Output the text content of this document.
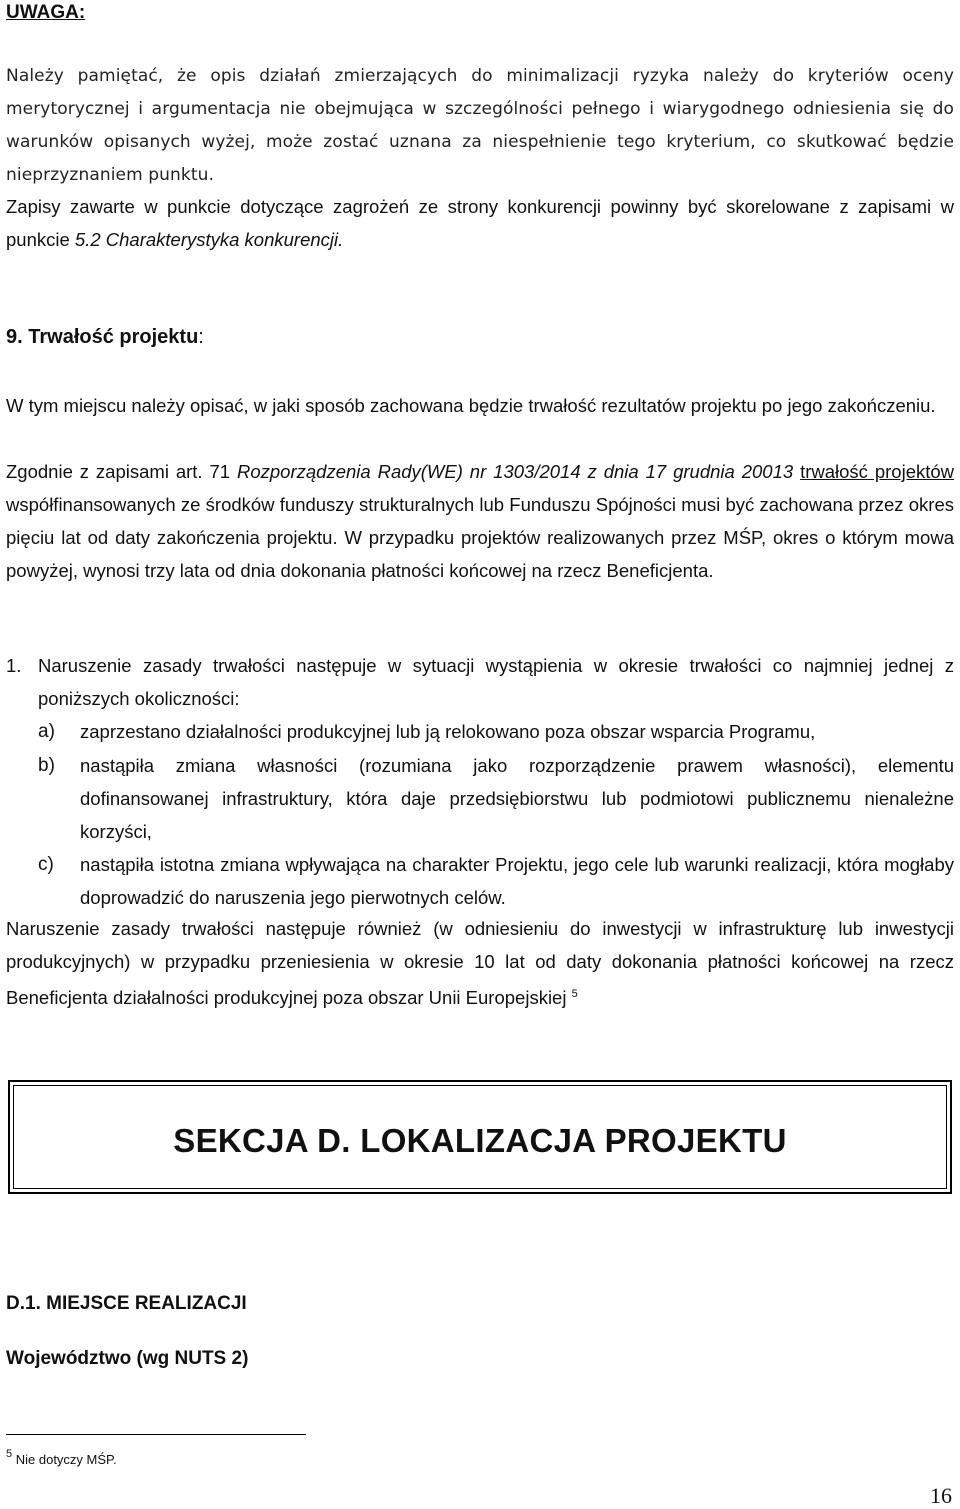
UWAGA:

Należy pamiętać, że opis działań zmierzających do minimalizacji ryzyka należy do kryteriów oceny merytorycznej i argumentacja nie obejmująca w szczególności pełnego i wiarygodnego odniesienia się do warunków opisanych wyżej, może zostać uznana za niespełnienie tego kryterium, co skutkować będzie nieprzyznaniem punktu.

Zapisy zawarte w punkcie dotyczące zagrożeń ze strony konkurencji powinny być skorelowane z zapisami w punkcie 5.2 Charakterystyka konkurencji.

9. Trwałość projektu:

W tym miejscu należy opisać, w jaki sposób zachowana będzie trwałość rezultatów projektu po jego zakończeniu.

Zgodnie z zapisami art. 71 Rozporządzenia Rady(WE) nr 1303/2014 z dnia 17 grudnia 20013 trwałość projektów współfinansowanych ze środków funduszy strukturalnych lub Funduszu Spójności musi być zachowana przez okres pięciu lat od daty zakończenia projektu. W przypadku projektów realizowanych przez MŚP, okres o którym mowa powyżej, wynosi trzy lata od dnia dokonania płatności końcowej na rzecz Beneficjenta.

1. Naruszenie zasady trwałości następuje w sytuacji wystąpienia w okresie trwałości co najmniej jednej z poniższych okoliczności:
a) zaprzestano działalności produkcyjnej lub ją relokowano poza obszar wsparcia Programu,
b) nastąpiła zmiana własności (rozumiana jako rozporządzenie prawem własności), elementu dofinansowanej infrastruktury, która daje przedsiębiorstwu lub podmiotowi publicznemu nienależne korzyści,
c) nastąpiła istotna zmiana wpływająca na charakter Projektu, jego cele lub warunki realizacji, która mogłaby doprowadzić do naruszenia jego pierwotnych celów.

Naruszenie zasady trwałości następuje również (w odniesieniu do inwestycji w infrastrukturę lub inwestycji produkcyjnych) w przypadku przeniesienia w okresie 10 lat od daty dokonania płatności końcowej na rzecz Beneficjenta działalności produkcyjnej poza obszar Unii Europejskiej $^5$

SEKCJA D. LOKALIZACJA PROJEKTU
D.1. MIEJSCE REALIZACJI
Województwo (wg NUTS 2)
$^5$ Nie dotyczy MŚP.
16
